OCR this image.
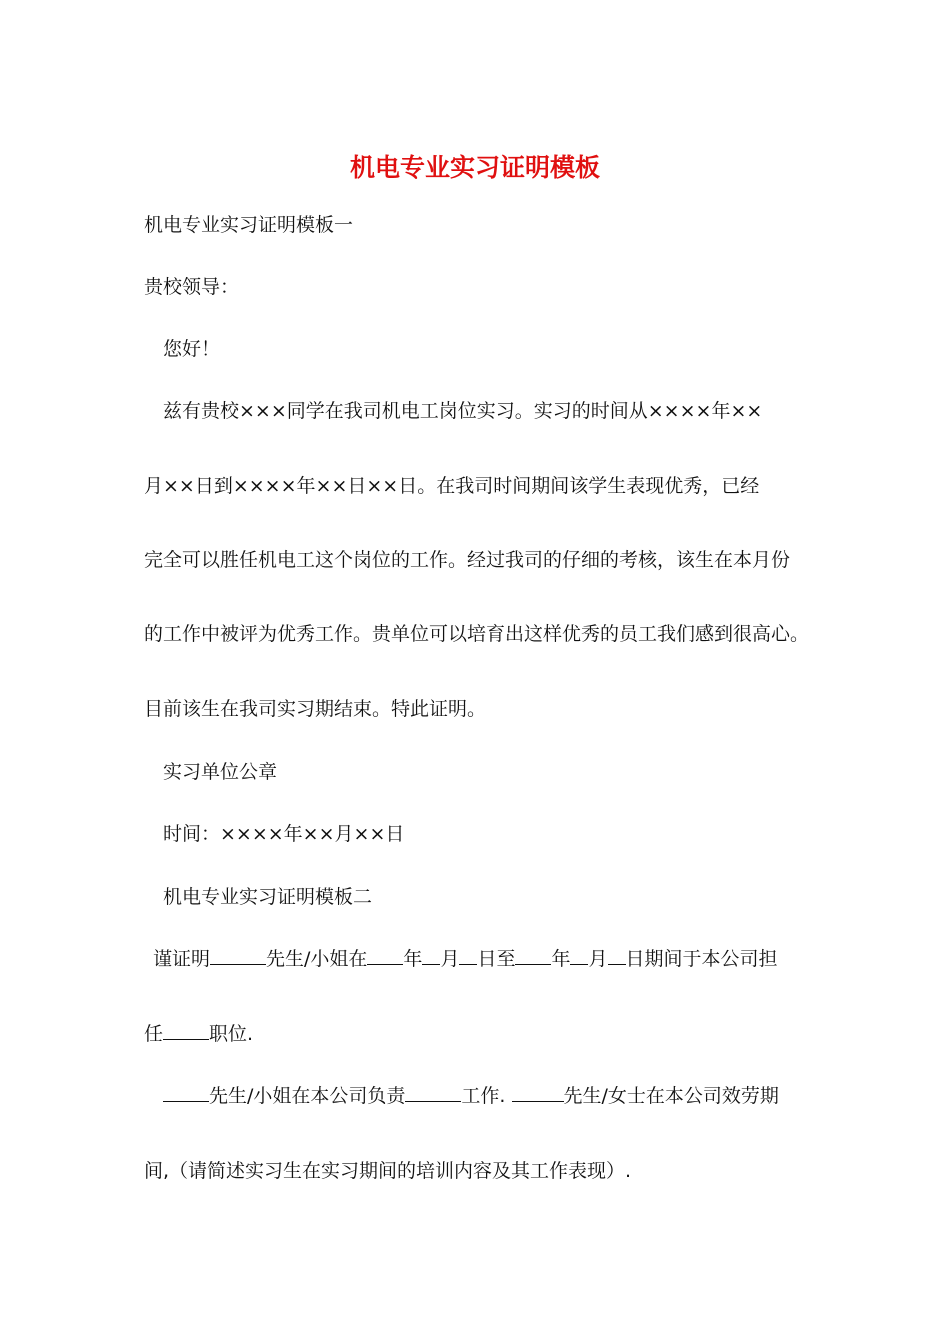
机电专业实习证明模板
机电专业实习证明模板一
贵校领导：
您好！
兹有贵校×××同学在我司机电工岗位实习。实习的时间从××××年××
月××日到××××年××日××日。在我司时间期间该学生表现优秀，已经
完全可以胜任机电工这个岗位的工作。经过我司的仔细的考核，该生在本月份
的工作中被评为优秀工作。贵单位可以培育出这样优秀的员工我们感到很高心。
目前该生在我司实习期结束。特此证明。
实习单位公章
时间：××××年××月××日
机电专业实习证明模板二
谨证明	先生/小姐在 年 月 日至 年 月 日期间于本公司担
任 职位.
先生/小姐在本公司负责	工作.	先生/女士在本公司效劳期
间,（请简述实习生在实习期间的培训内容及其工作表现）.
